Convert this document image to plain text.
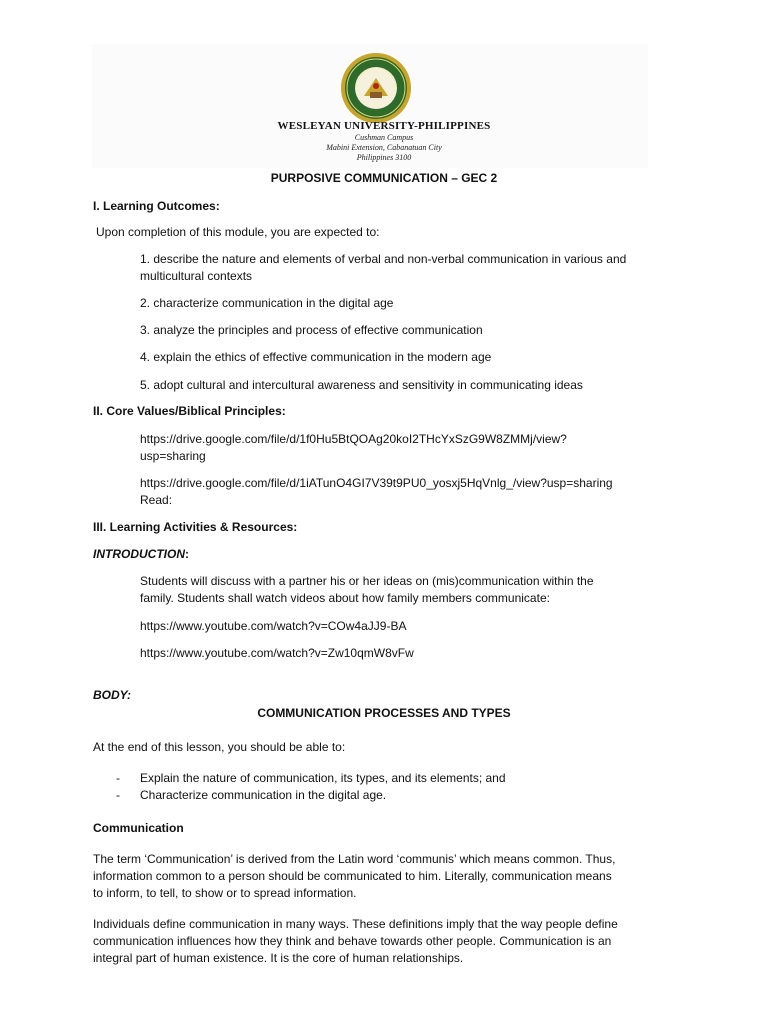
WESLEYAN UNIVERSITY-PHILIPPINES
Cushman Campus
Mabini Extension, Cabanatuan City
Philippines 3100
PURPOSIVE COMMUNICATION – GEC 2
I. Learning Outcomes:
Upon completion of this module, you are expected to:
1. describe the nature and elements of verbal and non-verbal communication in various and
multicultural contexts
2. characterize communication in the digital age
3. analyze the principles and process of effective communication
4. explain the ethics of effective communication in the modern age
5. adopt cultural and intercultural awareness and sensitivity in communicating ideas
II. Core Values/Biblical Principles:
https://drive.google.com/file/d/1f0Hu5BtQOAg20koI2THcYxSzG9W8ZMMj/view?
usp=sharing
https://drive.google.com/file/d/1iATunO4GI7V39t9PU0_yosxj5HqVnlg_/view?usp=sharing
Read:
III. Learning Activities & Resources:
INTRODUCTION:
Students will discuss with a partner his or her ideas on (mis)communication within the
family. Students shall watch videos about how family members communicate:
https://www.youtube.com/watch?v=COw4aJJ9-BA
https://www.youtube.com/watch?v=Zw10qmW8vFw
BODY:
COMMUNICATION PROCESSES AND TYPES
At the end of this lesson, you should be able to:
- Explain the nature of communication, its types, and its elements; and
- Characterize communication in the digital age.
Communication
The term ‘Communication’ is derived from the Latin word ‘communis’ which means common. Thus,
information common to a person should be communicated to him. Literally, communication means
to inform, to tell, to show or to spread information.
Individuals define communication in many ways. These definitions imply that the way people define
communication influences how they think and behave towards other people. Communication is an
integral part of human existence. It is the core of human relationships.
